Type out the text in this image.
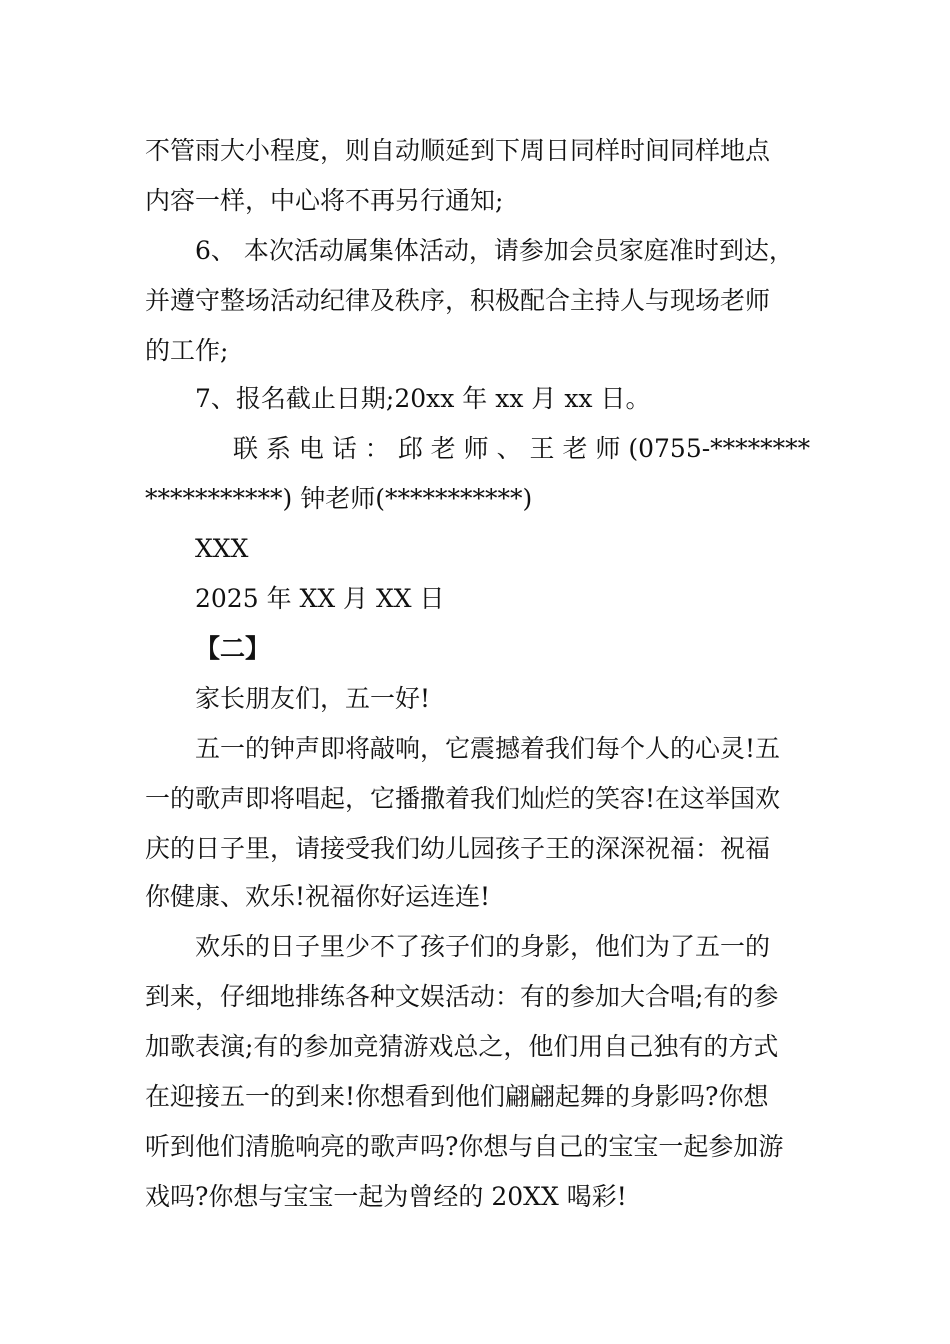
不管雨大小程度，则自动顺延到下周日同样时间同样地点
内容一样，中心将不再另行通知;
6、 本次活动属集体活动，请参加会员家庭准时到达，
并遵守整场活动纪律及秩序，积极配合主持人与现场老师
的工作;
7、报名截止日期;20xx 年 xx 月 xx 日。
联 系 电 话 ： 邱 老 师 、 王 老 师 (0755-********
***********) 钟老师(***********)
XXX
2025 年 XX 月 XX 日
【二】
家长朋友们，五一好!
五一的钟声即将敲响，它震撼着我们每个人的心灵!五
一的歌声即将唱起，它播撒着我们灿烂的笑容!在这举国欢
庆的日子里，请接受我们幼儿园孩子王的深深祝福：祝福
你健康、欢乐!祝福你好运连连!
欢乐的日子里少不了孩子们的身影，他们为了五一的
到来，仔细地排练各种文娱活动：有的参加大合唱;有的参
加歌表演;有的参加竞猜游戏总之，他们用自己独有的方式
在迎接五一的到来!你想看到他们翩翩起舞的身影吗?你想
听到他们清脆响亮的歌声吗?你想与自己的宝宝一起参加游
戏吗?你想与宝宝一起为曾经的 20XX 喝彩!
